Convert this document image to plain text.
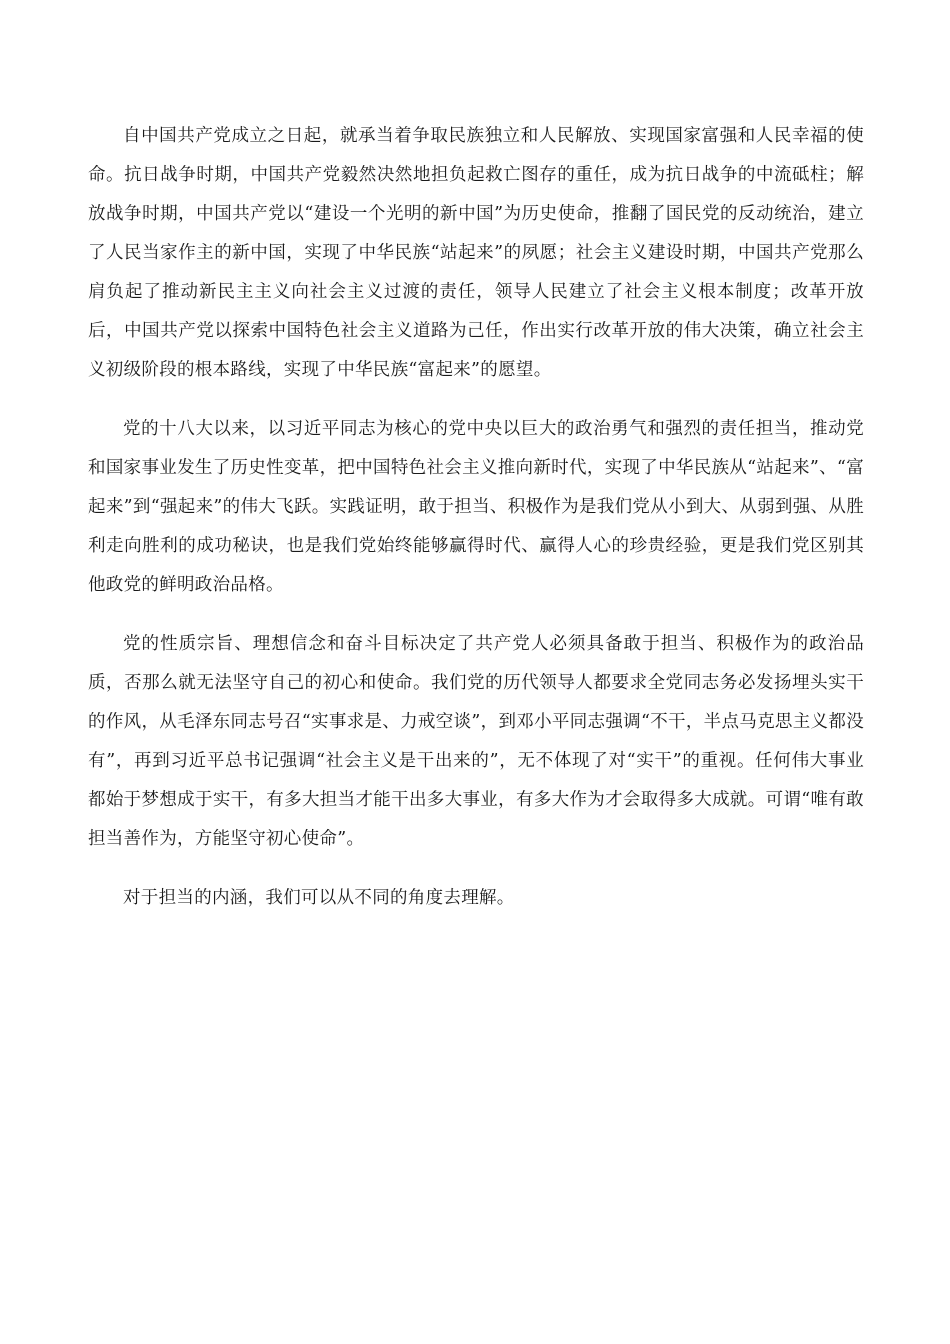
自中国共产党成立之日起，就承当着争取民族独立和人民解放、实现国家富强和人民幸福的使命。抗日战争时期，中国共产党毅然决然地担负起救亡图存的重任，成为抗日战争的中流砥柱；解放战争时期，中国共产党以“建设一个光明的新中国”为历史使命，推翻了国民党的反动统治，建立了人民当家作主的新中国，实现了中华民族“站起来”的夙愿；社会主义建设时期，中国共产党那么肩负起了推动新民主主义向社会主义过渡的责任，领导人民建立了社会主义根本制度；改革开放后，中国共产党以探索中国特色社会主义道路为己任，作出实行改革开放的伟大决策，确立社会主义初级阶段的根本路线，实现了中华民族“富起来”的愿望。

党的十八大以来，以习近平同志为核心的党中央以巨大的政治勇气和强烈的责任担当，推动党和国家事业发生了历史性变革，把中国特色社会主义推向新时代，实现了中华民族从“站起来”、“富起来”到“强起来”的伟大飞跃。实践证明，敢于担当、积极作为是我们党从小到大、从弱到强、从胜利走向胜利的成功秘诀，也是我们党始终能够赢得时代、赢得人心的珍贵经验，更是我们党区别其他政党的鲜明政治品格。

党的性质宗旨、理想信念和奋斗目标决定了共产党人必须具备敢于担当、积极作为的政治品质，否那么就无法坚守自己的初心和使命。我们党的历代领导人都要求全党同志务必发扬埋头实干的作风，从毛泽东同志号召“实事求是、力戒空谈”，到邓小平同志强调“不干，半点马克思主义都没有”，再到习近平总书记强调“社会主义是干出来的”，无不体现了对“实干”的重视。任何伟大事业都始于梦想成于实干，有多大担当才能干出多大事业，有多大作为才会取得多大成就。可谓“唯有敢担当善作为，方能坚守初心使命”。

对于担当的内涵，我们可以从不同的角度去理解。
